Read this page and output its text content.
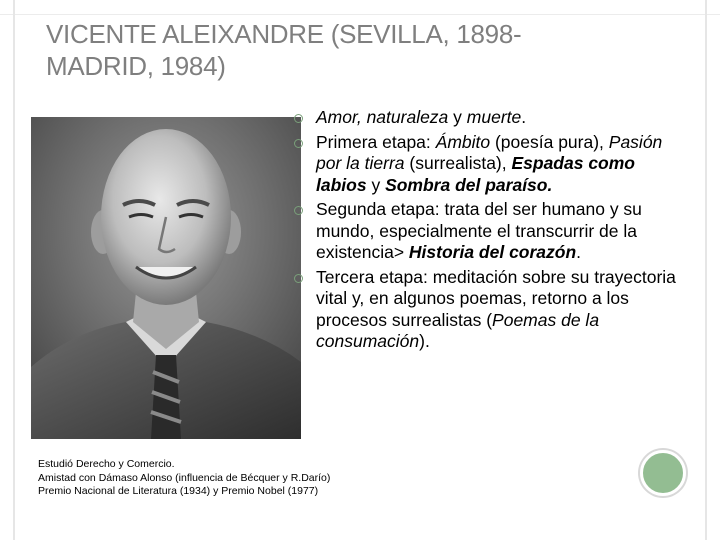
VICENTE ALEIXANDRE (SEVILLA, 1898-
MADRID, 1984)
Amor, naturaleza y muerte.
Primera etapa: Ámbito (poesía pura), Pasión por la tierra (surrealista), Espadas como labios y Sombra del paraíso.
Segunda etapa: trata del ser humano y su mundo, especialmente el transcurrir de la existencia> Historia del corazón.
Tercera etapa: meditación sobre su trayectoria vital y, en algunos poemas, retorno a los procesos surrealistas (Poemas de la consumación).
Estudió Derecho y Comercio.
Amistad con Dámaso Alonso (influencia de Bécquer y R.Darío)
Premio Nacional de Literatura (1934) y Premio Nobel (1977)
